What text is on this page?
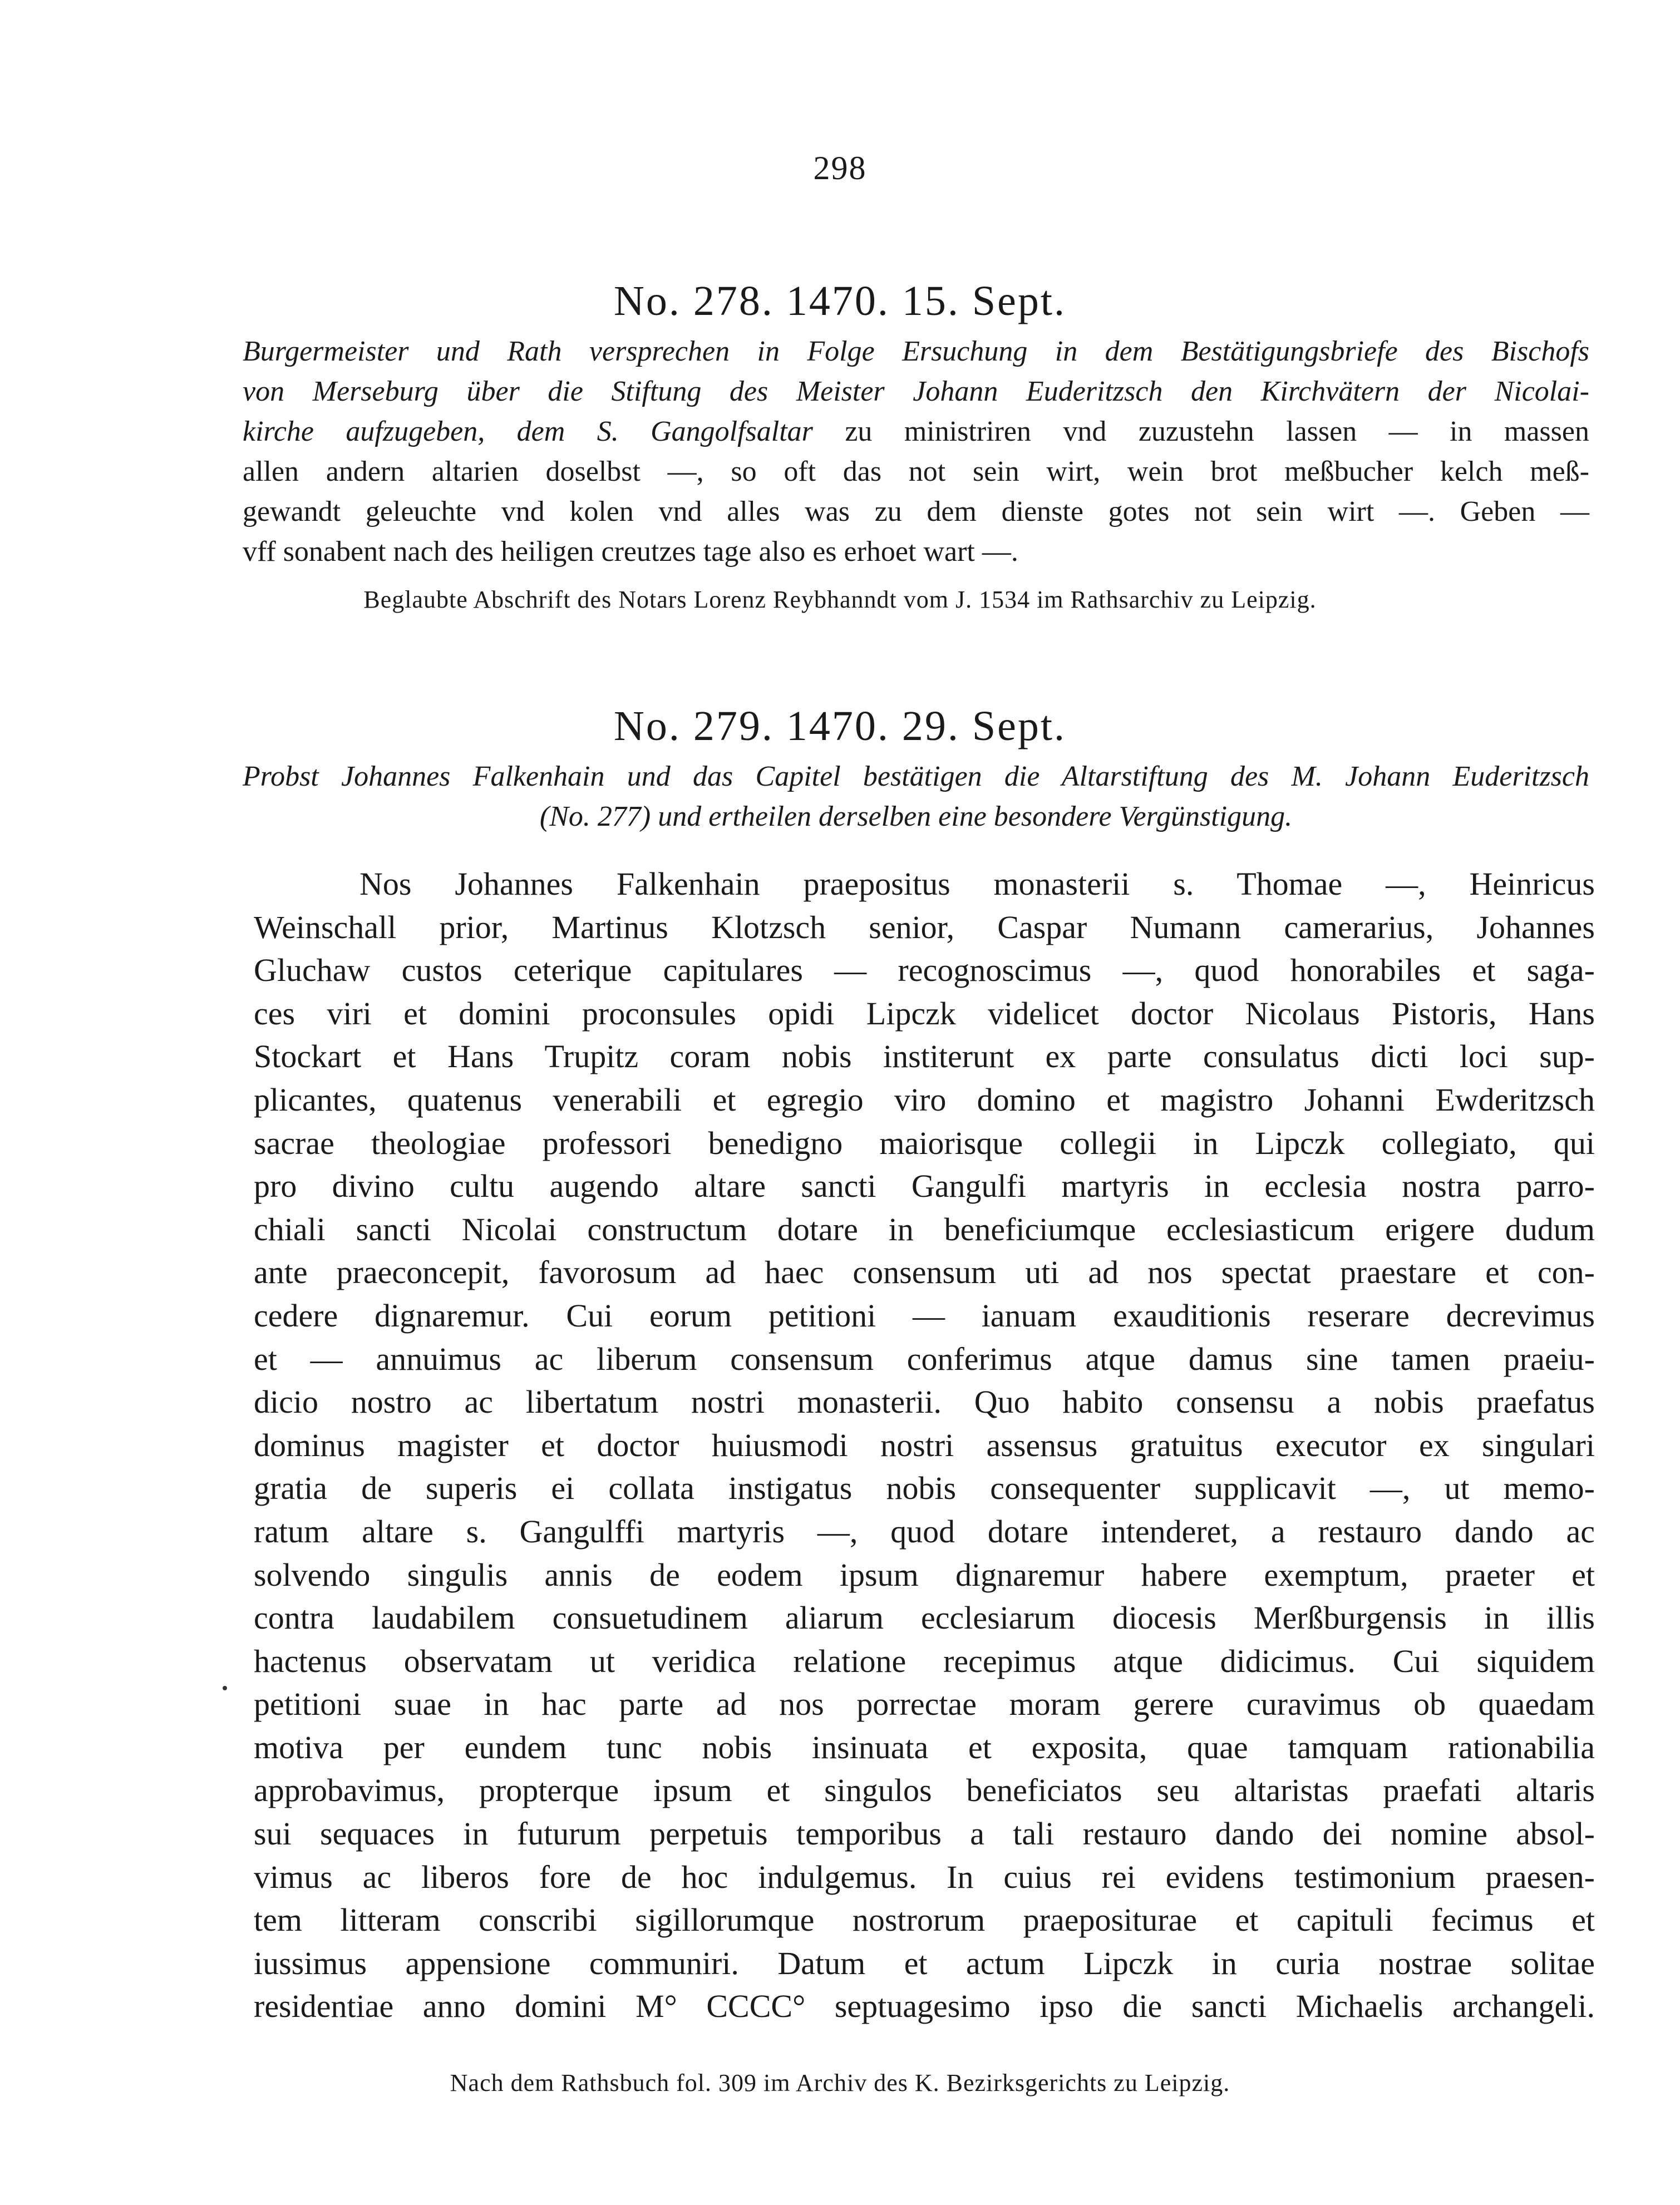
298
No. 278. 1470. 15. Sept.
Burgermeister und Rath versprechen in Folge Ersuchung in dem Bestätigungsbriefe des Bischofs
von Merseburg über die Stiftung des Meister Johann Euderitzsch den Kirchvätern der Nicolai-
kirche aufzugeben, dem S. Gangolfsaltar zu ministriren vnd zuzustehn lassen — in massen
allen andern altarien doselbst —, so oft das not sein wirt, wein brot meßbucher kelch meß-
gewandt geleuchte vnd kolen vnd alles was zu dem dienste gotes not sein wirt —. Geben —
vff sonabent nach des heiligen creutzes tage also es erhoet wart —.
Beglaubte Abschrift des Notars Lorenz Reybhanndt vom J. 1534 im Rathsarchiv zu Leipzig.
No. 279. 1470. 29. Sept.
Probst Johannes Falkenhain und das Capitel bestätigen die Altarstiftung des M. Johann Euderitzsch
(No. 277) und ertheilen derselben eine besondere Vergünstigung.
Nos Johannes Falkenhain praepositus monasterii s. Thomae —, Heinricus
Weinschall prior, Martinus Klotzsch senior, Caspar Numann camerarius, Johannes
Gluchaw custos ceterique capitulares — recognoscimus —, quod honorabiles et saga-
ces viri et domini proconsules opidi Lipczk videlicet doctor Nicolaus Pistoris, Hans
Stockart et Hans Trupitz coram nobis institerunt ex parte consulatus dicti loci sup-
plicantes, quatenus venerabili et egregio viro domino et magistro Johanni Ewderitzsch
sacrae theologiae professori benedigno maiorisque collegii in Lipczk collegiato, qui
pro divino cultu augendo altare sancti Gangulfi martyris in ecclesia nostra parro-
chiali sancti Nicolai constructum dotare in beneficiumque ecclesiasticum erigere dudum
ante praeconcepit, favorosum ad haec consensum uti ad nos spectat praestare et con-
cedere dignaremur. Cui eorum petitioni — ianuam exauditionis reserare decrevimus
et — annuimus ac liberum consensum conferimus atque damus sine tamen praeiu-
dicio nostro ac libertatum nostri monasterii. Quo habito consensu a nobis praefatus
dominus magister et doctor huiusmodi nostri assensus gratuitus executor ex singulari
gratia de superis ei collata instigatus nobis consequenter supplicavit —, ut memo-
ratum altare s. Gangulffi martyris —, quod dotare intenderet, a restauro dando ac
solvendo singulis annis de eodem ipsum dignaremur habere exemptum, praeter et
contra laudabilem consuetudinem aliarum ecclesiarum diocesis Merßburgensis in illis
hactenus observatam ut veridica relatione recepimus atque didicimus. Cui siquidem
petitioni suae in hac parte ad nos porrectae moram gerere curavimus ob quaedam
motiva per eundem tunc nobis insinuata et exposita, quae tamquam rationabilia
approbavimus, propterque ipsum et singulos beneficiatos seu altaristas praefati altaris
sui sequaces in futurum perpetuis temporibus a tali restauro dando dei nomine absol-
vimus ac liberos fore de hoc indulgemus. In cuius rei evidens testimonium praesen-
tem litteram conscribi sigillorumque nostrorum praepositurae et capituli fecimus et
iussimus appensione communiri. Datum et actum Lipczk in curia nostrae solitae
residentiae anno domini M° CCCC° septuagesimo ipso die sancti Michaelis archangeli.
Nach dem Rathsbuch fol. 309 im Archiv des K. Bezirksgerichts zu Leipzig.
